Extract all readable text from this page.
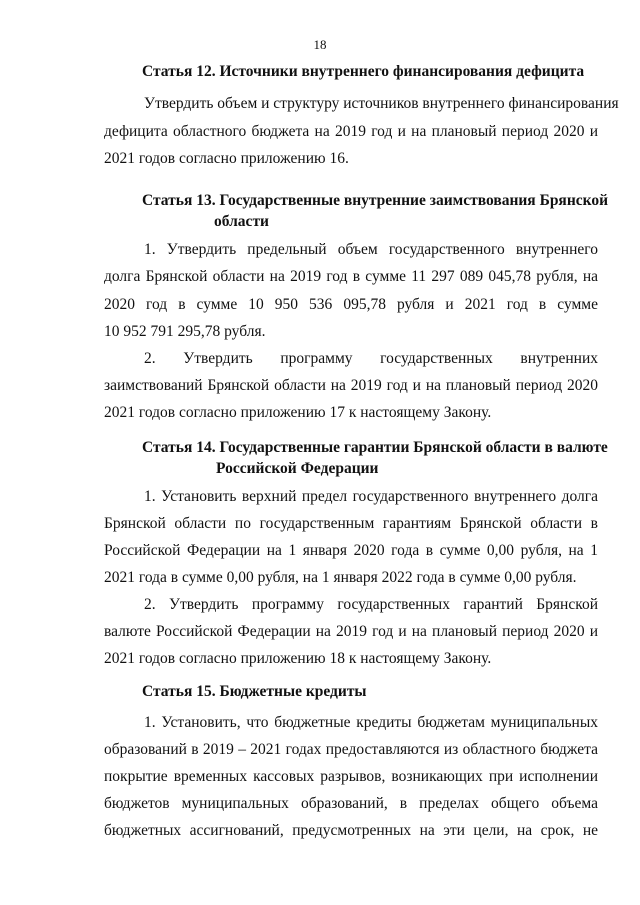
18
Статья 12. Источники внутреннего финансирования дефицита
Утвердить объем и структуру источников внутреннего финансирования
дефицита областного бюджета на 2019 год и на плановый период 2020 и
2021 годов согласно приложению 16.
Статья 13. Государственные внутренние заимствования Брянской
области
1. Утвердить предельный объем государственного внутреннего
долга Брянской области на 2019 год в сумме 11 297 089 045,78 рубля, на
2020 год в сумме 10 950 536 095,78 рубля и 2021 год в сумме
10 952 791 295,78 рубля.
2. Утвердить программу государственных внутренних
заимствований Брянской области на 2019 год и на плановый период 2020
2021 годов согласно приложению 17 к настоящему Закону.
Статья 14. Государственные гарантии Брянской области в валюте
Российской Федерации
1. Установить верхний предел государственного внутреннего долга
Брянской области по государственным гарантиям Брянской области в
Российской Федерации на 1 января 2020 года в сумме 0,00 рубля, на 1
2021 года в сумме 0,00 рубля, на 1 января 2022 года в сумме 0,00 рубля.
2. Утвердить программу государственных гарантий Брянской
валюте Российской Федерации на 2019 год и на плановый период 2020 и
2021 годов согласно приложению 18 к настоящему Закону.
Статья 15. Бюджетные кредиты
1. Установить, что бюджетные кредиты бюджетам муниципальных
образований в 2019 – 2021 годах предоставляются из областного бюджета
покрытие временных кассовых разрывов, возникающих при исполнении
бюджетов муниципальных образований, в пределах общего объема
бюджетных ассигнований, предусмотренных на эти цели, на срок, не
